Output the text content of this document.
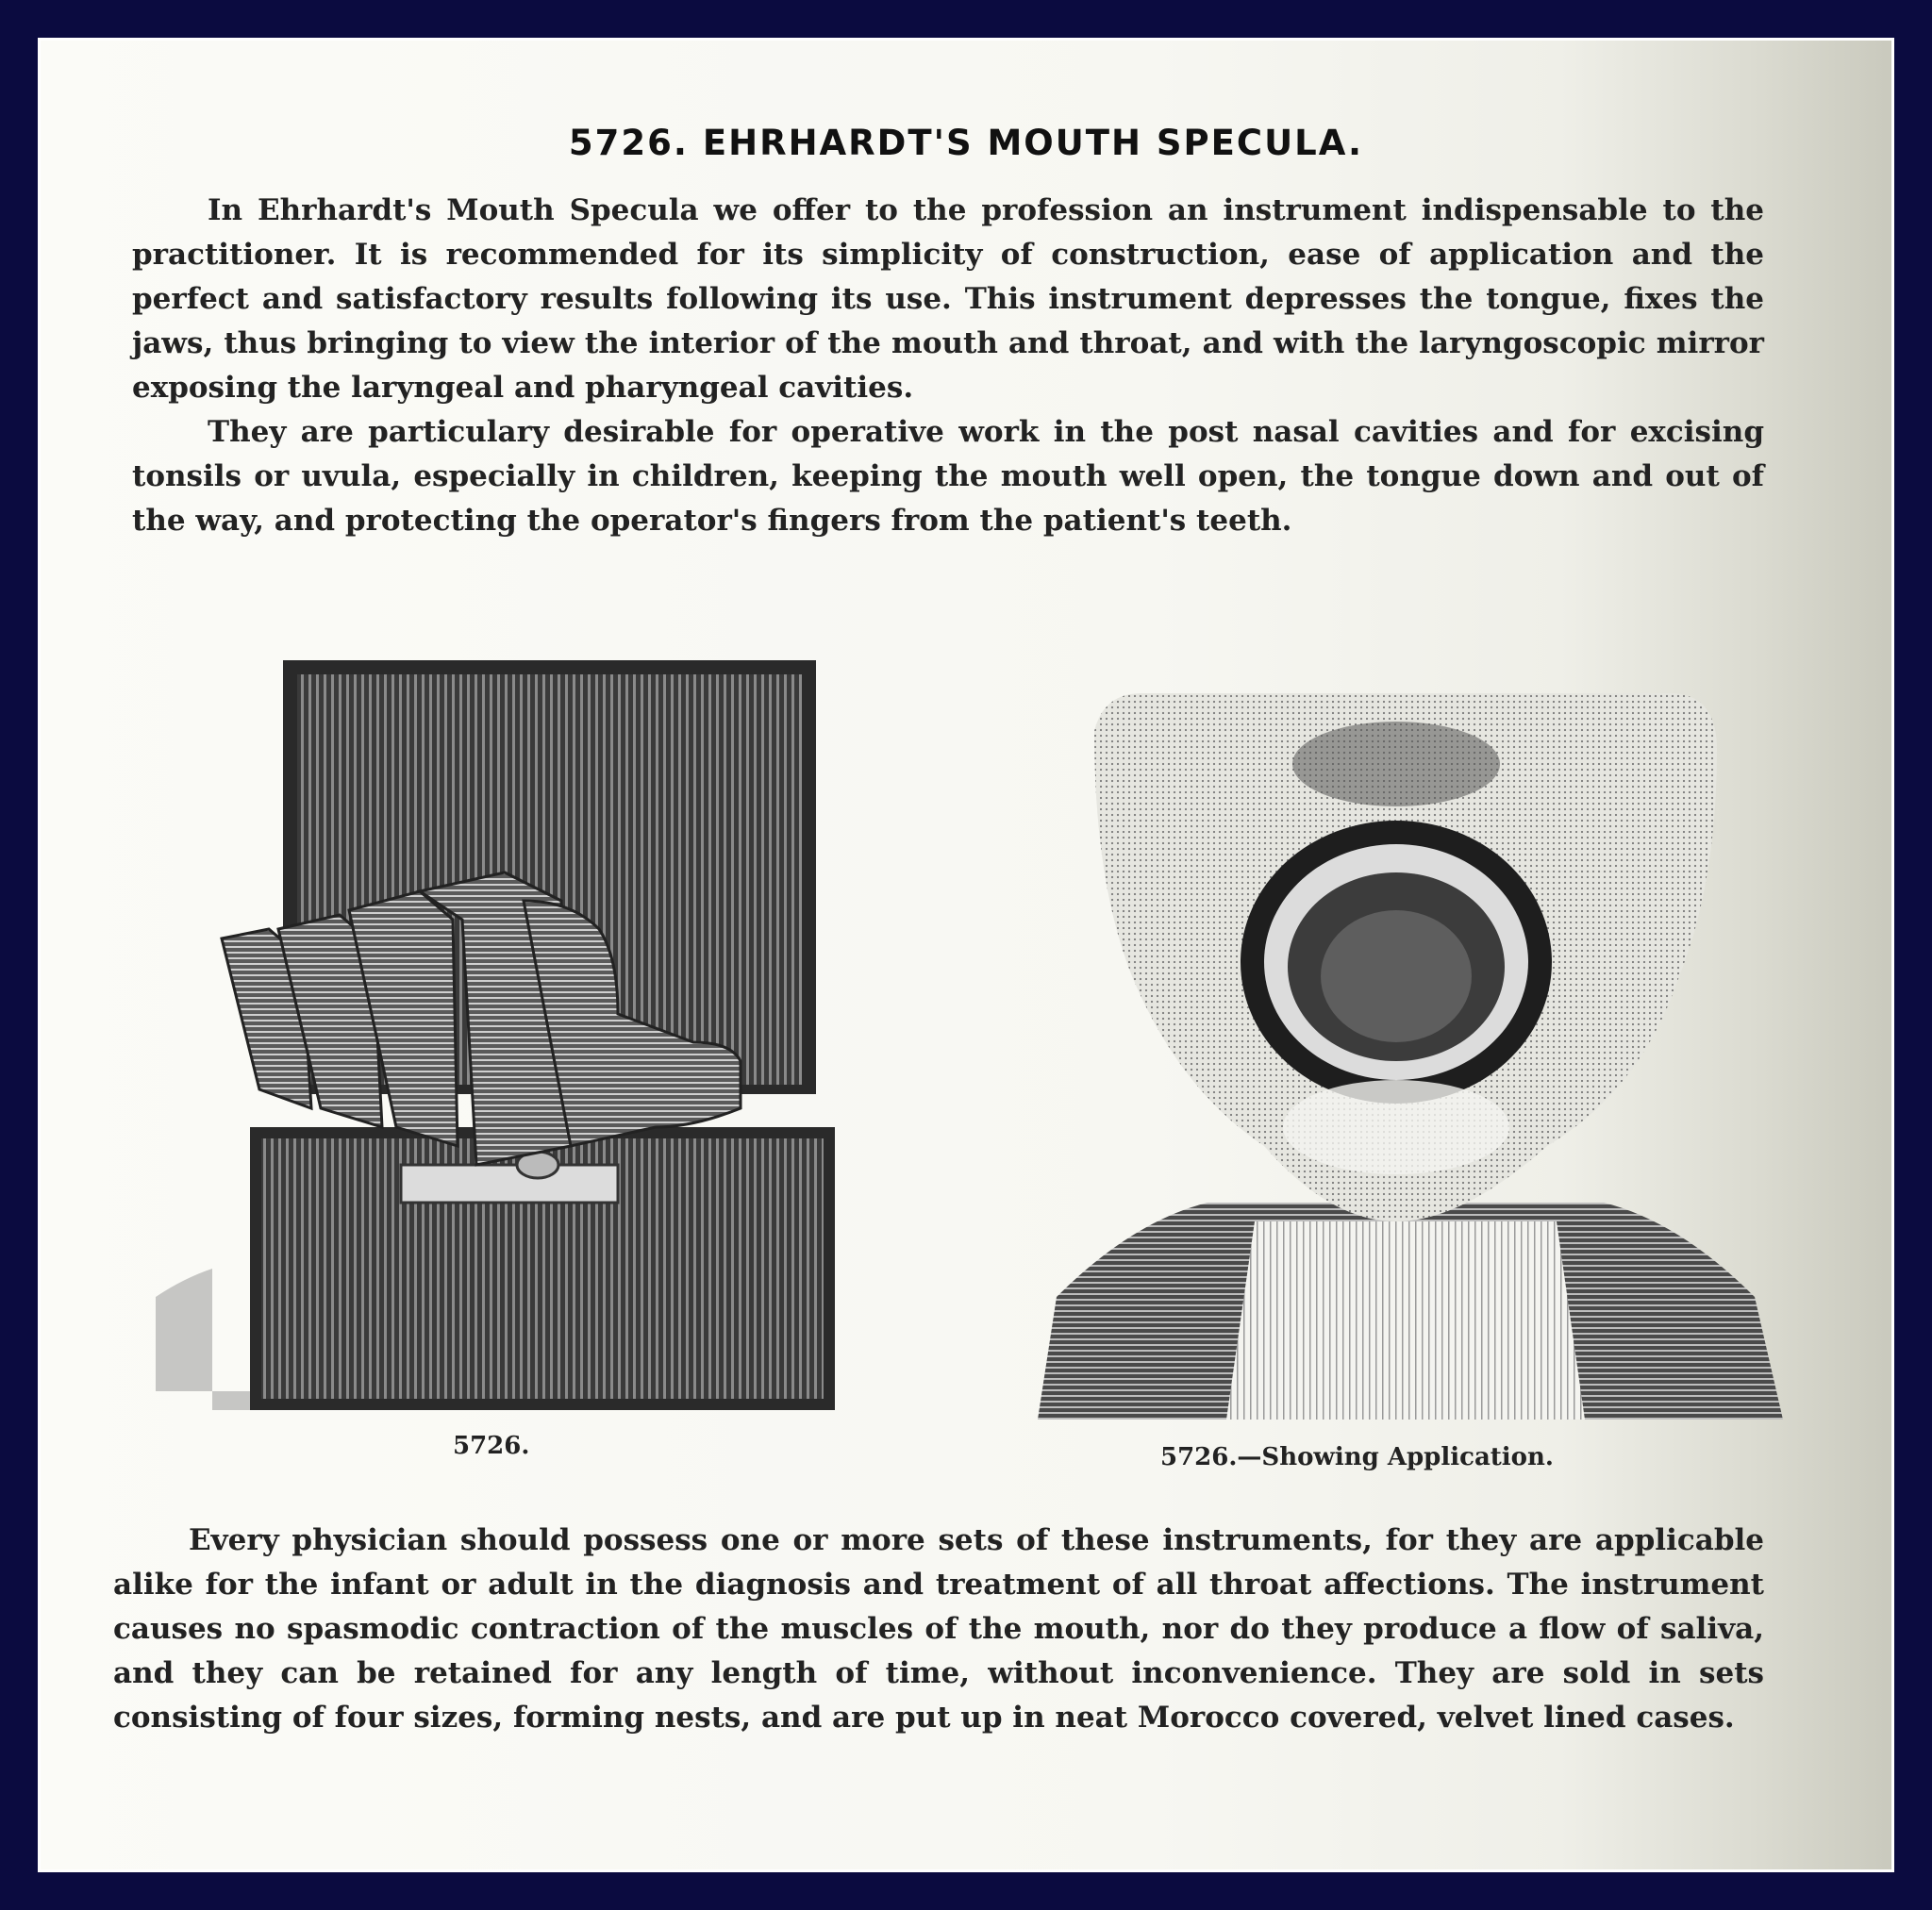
5726. EHRHARDT'S MOUTH SPECULA.
In Ehrhardt's Mouth Specula we offer to the profession an instrument indispensable to the practitioner. It is recommended for its simplicity of construction, ease of application and the perfect and satisfactory results following its use. This instrument depresses the tongue, fixes the jaws, thus bringing to view the interior of the mouth and throat, and with the laryngoscopic mirror exposing the laryngeal and pharyngeal cavities.
They are particulary desirable for operative work in the post nasal cavities and for excising tonsils or uvula, especially in children, keeping the mouth well open, the tongue down and out of the way, and protecting the operator's fingers from the patient's teeth.
5726.	5726.—Showing Application.
Every physician should possess one or more sets of these instruments, for they are applicable alike for the infant or adult in the diagnosis and treatment of all throat affections. The instrument causes no spasmodic contraction of the muscles of the mouth, nor do they produce a flow of saliva, and they can be retained for any length of time, without inconvenience. They are sold in sets consisting of four sizes, forming nests, and are put up in neat Morocco covered, velvet lined cases.
